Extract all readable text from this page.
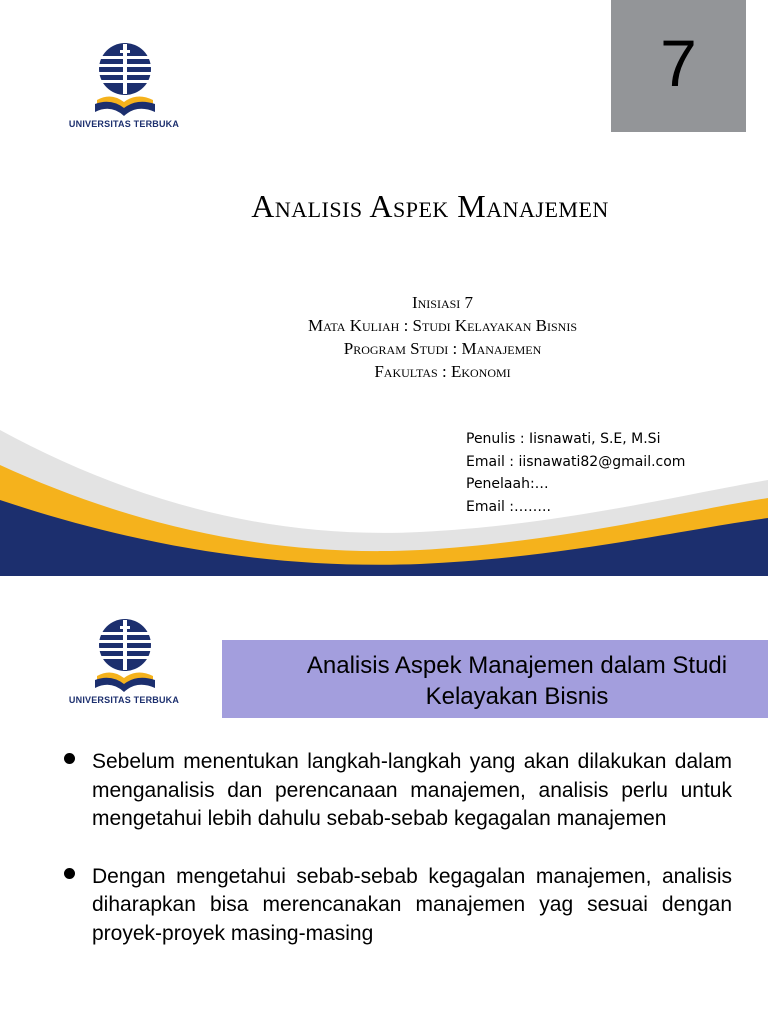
UNIVERSITAS TERBUKA
7
Analisis Aspek Manajemen
Inisiasi 7
Mata Kuliah : Studi Kelayakan Bisnis
Program Studi : Manajemen
Fakultas : Ekonomi
Penulis : Iisnawati, S.E, M.Si
Email : iisnawati82@gmail.com
Penelaah:…
Email :……..
UNIVERSITAS TERBUKA
Analisis Aspek Manajemen dalam Studi
Kelayakan Bisnis
Sebelum menentukan langkah-langkah yang akan dilakukan dalam menganalisis dan perencanaan manajemen, analisis perlu untuk mengetahui lebih dahulu sebab-sebab kegagalan manajemen
Dengan mengetahui sebab-sebab kegagalan manajemen, analisis diharapkan bisa merencanakan manajemen yag sesuai dengan proyek-proyek masing-masing
